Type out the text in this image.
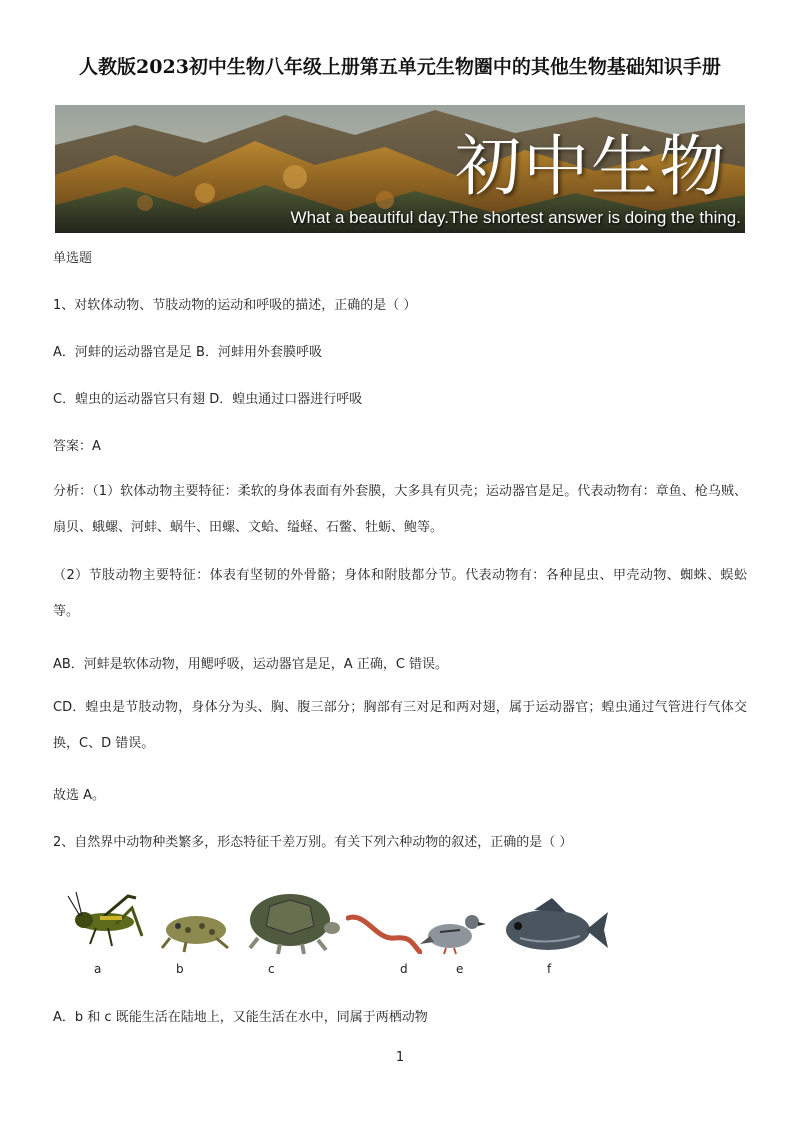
人教版2023初中生物八年级上册第五单元生物圈中的其他生物基础知识手册
初中生物
What a beautiful day.The shortest answer is doing the thing.
单选题
1、对软体动物、节肢动物的运动和呼吸的描述，正确的是（ ）
A．河蚌的运动器官是足 B．河蚌用外套膜呼吸
C．蝗虫的运动器官只有翅 D．蝗虫通过口器进行呼吸
答案：A
分析：（1）软体动物主要特征：柔软的身体表面有外套膜，大多具有贝壳；运动器官是足。代表动物有：章鱼、枪乌贼、扇贝、蛾螺、河蚌、蜗牛、田螺、文蛤、缢蛏、石鳖、牡蛎、鲍等。
（2）节肢动物主要特征：体表有坚韧的外骨骼；身体和附肢都分节。代表动物有：各种昆虫、甲壳动物、蜘蛛、蜈蚣等。
AB．河蚌是软体动物，用鳃呼吸，运动器官是足，A 正确，C 错误。
CD．蝗虫是节肢动物，身体分为头、胸、腹三部分；胸部有三对足和两对翅，属于运动器官；蝗虫通过气管进行气体交换，C、D 错误。
故选 A。
2、自然界中动物种类繁多，形态特征千差万别。有关下列六种动物的叙述，正确的是（ ）
a	b	c	d	e	f
A．b 和 c 既能生活在陆地上，又能生活在水中，同属于两栖动物
1
